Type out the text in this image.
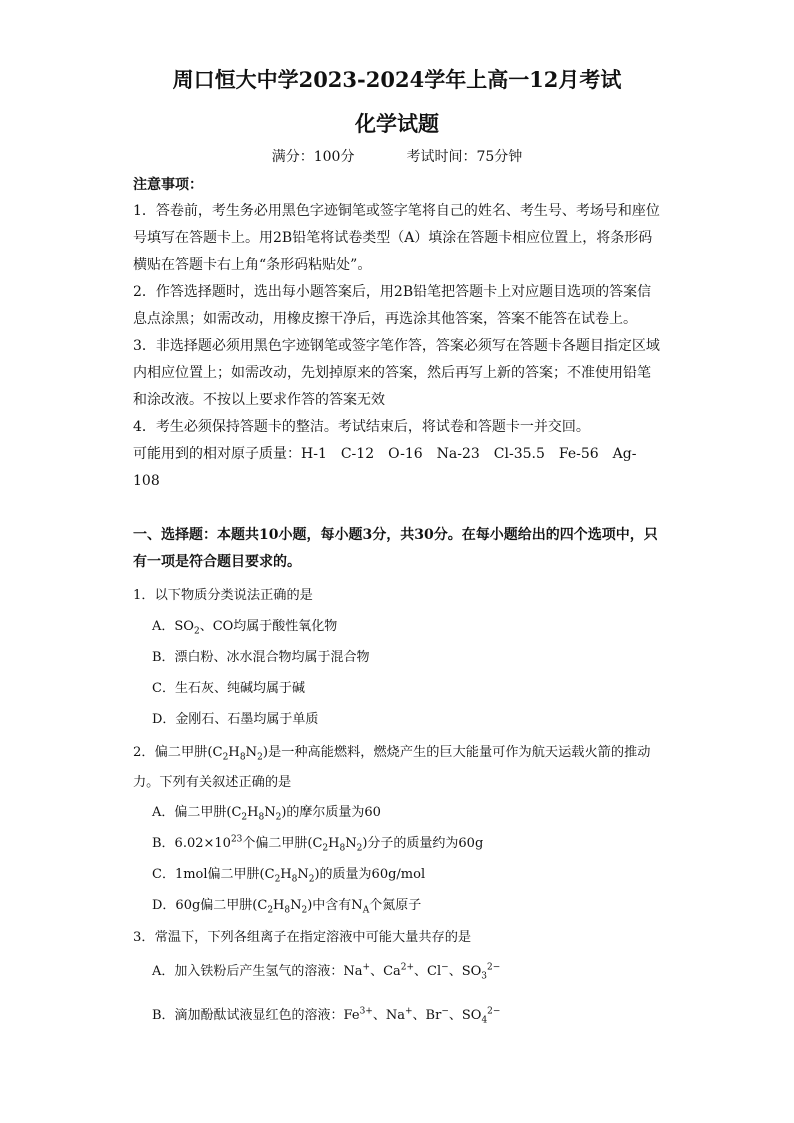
周口恒大中学2023-2024学年上高一12月考试
化学试题
满分：100分	考试时间：75分钟
注意事项：

1．答卷前，考生务必用黑色字迹铜笔或签字笔将自己的姓名、考生号、考场号和座位号填写在答题卡上。用2B铅笔将试卷类型（A）填涂在答题卡相应位置上，将条形码横贴在答题卡右上角“条形码粘贴处”。

2．作答选择题时，选出每小题答案后，用2B铅笔把答题卡上对应题目选项的答案信息点涂黑；如需改动，用橡皮擦干净后，再选涂其他答案，答案不能答在试卷上。

3．非选择题必须用黑色字迹钢笔或签字笔作答，答案必须写在答题卡各题目指定区域内相应位置上；如需改动，先划掉原来的答案，然后再写上新的答案；不准使用铅笔和涂改液。不按以上要求作答的答案无效

4．考生必须保持答题卡的整洁。考试结束后，将试卷和答题卡一并交回。

可能用到的相对原子质量：H-1　C-12　O-16　Na-23　Cl-35.5　Fe-56　Ag-108

一、选择题：本题共10小题，每小题3分，共30分。在每小题给出的四个选项中，只有一项是符合题目要求的。
1．以下物质分类说法正确的是
A．$SO_2$、CO均属于酸性氧化物
B．漂白粉、冰水混合物均属于混合物
C．生石灰、纯碱均属于碱
D．金刚石、石墨均属于单质
2．偏二甲肼$(C_2H_8N_2)$是一种高能燃料，燃烧产生的巨大能量可作为航天运载火箭的推动力。下列有关叙述正确的是
A．偏二甲肼$(C_2H_8N_2)$的摩尔质量为60
B．$6.02\times 10^{23}$个偏二甲肼$(C_2H_8N_2)$分子的质量约为60g
C．1mol偏二甲肼$(C_2H_8N_2)$的质量为60g/mol
D．60g偏二甲肼$(C_2H_8N_2)$中含有$N_A$个氮原子
3．常温下，下列各组离子在指定溶液中可能大量共存的是
A．加入铁粉后产生氢气的溶液：Na+、$Ca^{2+}$、Cl−、$SO_3^{2-}$
B．滴加酚酞试液显红色的溶液：$Fe^{3+}$、Na+、Br−、$SO_4^{2-}$
